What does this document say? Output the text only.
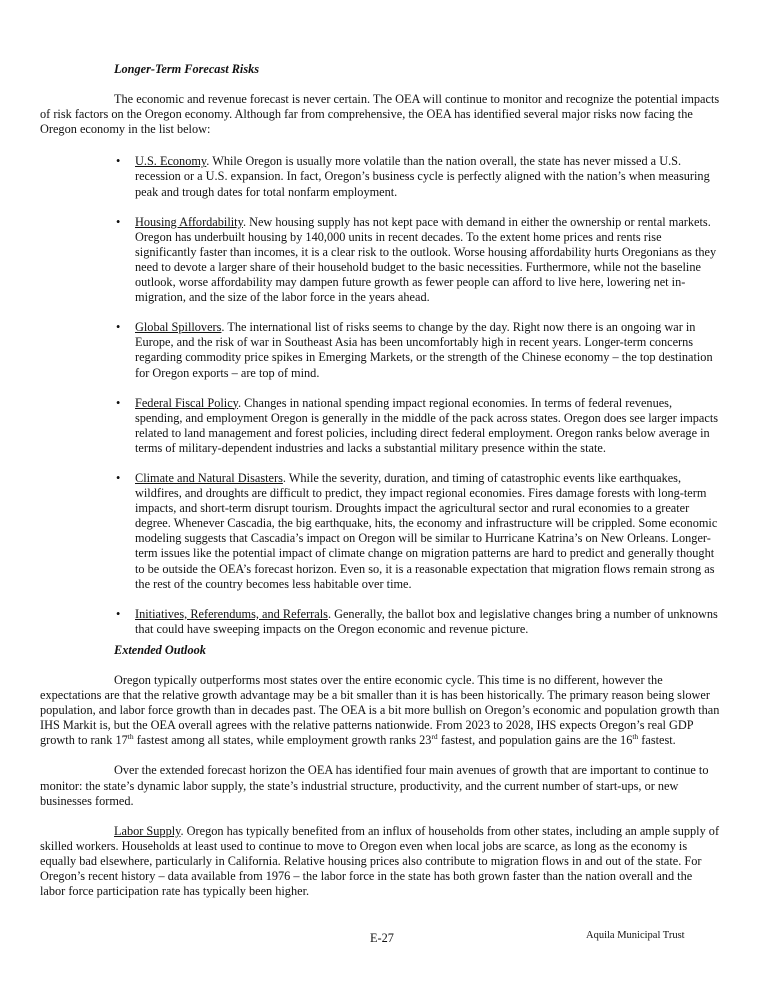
Longer-Term Forecast Risks

The economic and revenue forecast is never certain. The OEA will continue to monitor and recognize the potential impacts of risk factors on the Oregon economy. Although far from comprehensive, the OEA has identified several major risks now facing the Oregon economy in the list below:

• U.S. Economy. While Oregon is usually more volatile than the nation overall, the state has never missed a U.S. recession or a U.S. expansion. In fact, Oregon’s business cycle is perfectly aligned with the nation’s when measuring peak and trough dates for total nonfarm employment.
• Housing Affordability. New housing supply has not kept pace with demand in either the ownership or rental markets. Oregon has underbuilt housing by 140,000 units in recent decades. To the extent home prices and rents rise significantly faster than incomes, it is a clear risk to the outlook. Worse housing affordability hurts Oregonians as they need to devote a larger share of their household budget to the basic necessities. Furthermore, while not the baseline outlook, worse affordability may dampen future growth as fewer people can afford to live here, lowering net in-migration, and the size of the labor force in the years ahead.
• Global Spillovers. The international list of risks seems to change by the day. Right now there is an ongoing war in Europe, and the risk of war in Southeast Asia has been uncomfortably high in recent years. Longer-term concerns regarding commodity price spikes in Emerging Markets, or the strength of the Chinese economy – the top destination for Oregon exports – are top of mind.
• Federal Fiscal Policy. Changes in national spending impact regional economies. In terms of federal revenues, spending, and employment Oregon is generally in the middle of the pack across states. Oregon does see larger impacts related to land management and forest policies, including direct federal employment. Oregon ranks below average in terms of military-dependent industries and lacks a substantial military presence within the state.
• Climate and Natural Disasters. While the severity, duration, and timing of catastrophic events like earthquakes, wildfires, and droughts are difficult to predict, they impact regional economies. Fires damage forests with long-term impacts, and short-term disrupt tourism. Droughts impact the agricultural sector and rural economies to a greater degree. Whenever Cascadia, the big earthquake, hits, the economy and infrastructure will be crippled. Some economic modeling suggests that Cascadia’s impact on Oregon will be similar to Hurricane Katrina’s on New Orleans. Longer-term issues like the potential impact of climate change on migration patterns are hard to predict and generally thought to be outside the OEA’s forecast horizon. Even so, it is a reasonable expectation that migration flows remain strong as the rest of the country becomes less habitable over time.
• Initiatives, Referendums, and Referrals. Generally, the ballot box and legislative changes bring a number of unknowns that could have sweeping impacts on the Oregon economic and revenue picture.

Extended Outlook

Oregon typically outperforms most states over the entire economic cycle. This time is no different, however the expectations are that the relative growth advantage may be a bit smaller than it is has been historically. The primary reason being slower population, and labor force growth than in decades past. The OEA is a bit more bullish on Oregon’s economic and population growth than IHS Markit is, but the OEA overall agrees with the relative patterns nationwide. From 2023 to 2028, IHS expects Oregon’s real GDP growth to rank 17th fastest among all states, while employment growth ranks 23rd fastest, and population gains are the 16th fastest.

Over the extended forecast horizon the OEA has identified four main avenues of growth that are important to continue to monitor: the state’s dynamic labor supply, the state’s industrial structure, productivity, and the current number of start-ups, or new businesses formed.

Labor Supply. Oregon has typically benefited from an influx of households from other states, including an ample supply of skilled workers. Households at least used to continue to move to Oregon even when local jobs are scarce, as long as the economy is equally bad elsewhere, particularly in California. Relative housing prices also contribute to migration flows in and out of the state. For Oregon’s recent history – data available from 1976 – the labor force in the state has both grown faster than the nation overall and the labor force participation rate has typically been higher.

E-27	Aquila Municipal Trust
